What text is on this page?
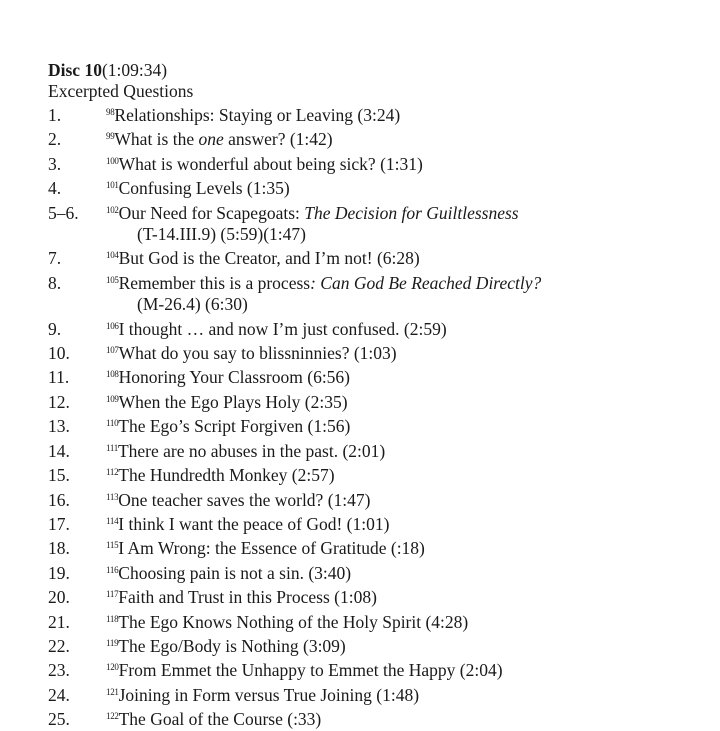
Disc 10(1:09:34)
Excerpted Questions
1.	$^{98}$Relationships: Staying or Leaving (3:24)
2.	$^{99}$What is the one answer? (1:42)
3.	$^{100}$What is wonderful about being sick? (1:31)
4.	$^{101}$Confusing Levels (1:35)
5–6.	$^{102}$Our Need for Scapegoats: The Decision for Guiltlessness
(T-14.III.9) (5:59)(1:47)
7.	$^{104}$But God is the Creator, and I’m not! (6:28)
8.	$^{105}$Remember this is a process: Can God Be Reached Directly?
(M-26.4) (6:30)
9.	$^{106}$I thought … and now I’m just confused. (2:59)
10.	$^{107}$What do you say to blissninnies? (1:03)
11.	$^{108}$Honoring Your Classroom (6:56)
12.	$^{109}$When the Ego Plays Holy (2:35)
13.	$^{110}$The Ego’s Script Forgiven (1:56)
14.	$^{111}$There are no abuses in the past. (2:01)
15.	$^{112}$The Hundredth Monkey (2:57)
16.	$^{113}$One teacher saves the world? (1:47)
17.	$^{114}$I think I want the peace of God! (1:01)
18.	$^{115}$I Am Wrong: the Essence of Gratitude (:18)
19.	$^{116}$Choosing pain is not a sin. (3:40)
20.	$^{117}$Faith and Trust in this Process (1:08)
21.	$^{118}$The Ego Knows Nothing of the Holy Spirit (4:28)
22.	$^{119}$The Ego/Body is Nothing (3:09)
23.	$^{120}$From Emmet the Unhappy to Emmet the Happy (2:04)
24.	$^{121}$Joining in Form versus True Joining (1:48)
25.	$^{122}$The Goal of the Course (:33)
